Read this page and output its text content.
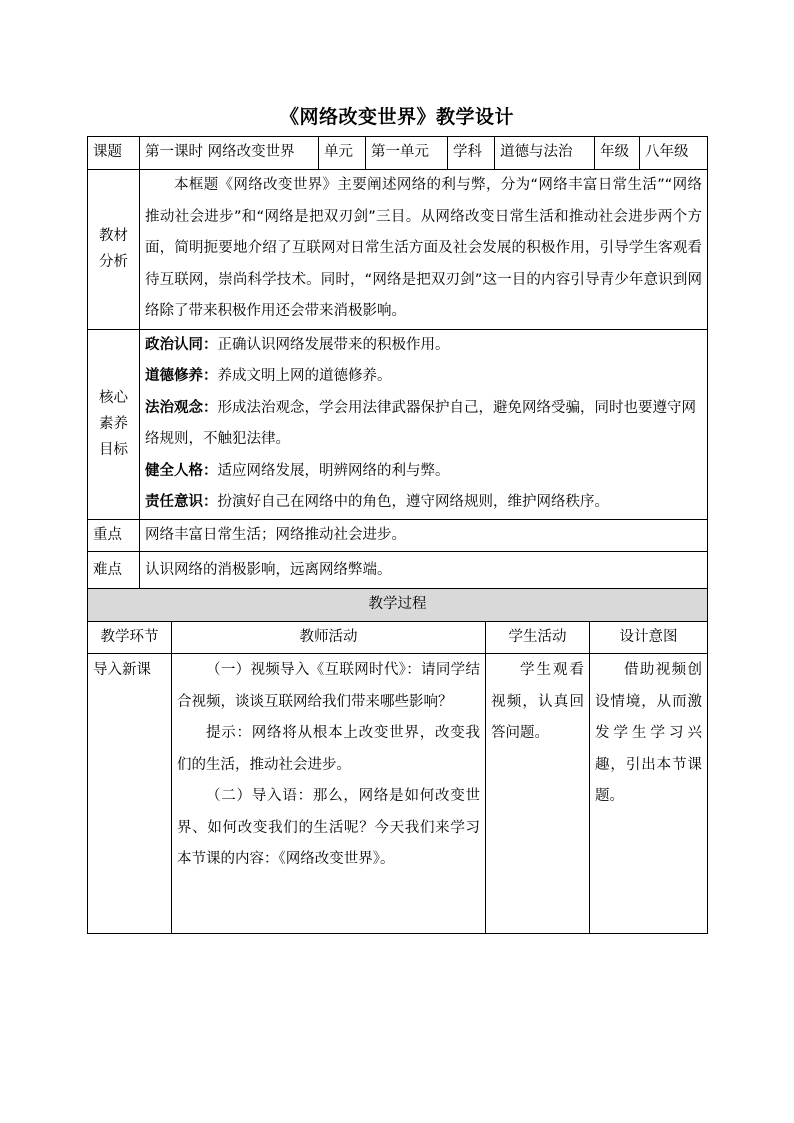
《网络改变世界》教学设计
课题	第一课时 网络改变世界	单元	第一单元	学科	道德与法治	年级	八年级
教材分析	本框题《网络改变世界》主要阐述网络的利与弊，分为“网络丰富日常生活”“网络推动社会进步”和“网络是把双刃剑”三目。从网络改变日常生活和推动社会进步两个方面，简明扼要地介绍了互联网对日常生活方面及社会发展的积极作用，引导学生客观看待互联网，崇尚科学技术。同时，“网络是把双刃剑”这一目的内容引导青少年意识到网络除了带来积极作用还会带来消极影响。						
核心素养目标	政治认同：正确认识网络发展带来的积极作用。
道德修养：养成文明上网的道德修养。
法治观念：形成法治观念，学会用法律武器保护自己，避免网络受骗，同时也要遵守网络规则，不触犯法律。
健全人格：适应网络发展，明辨网络的利与弊。
责任意识：扮演好自己在网络中的角色，遵守网络规则，维护网络秩序。						

重点	网络丰富日常生活；网络推动社会进步。						
难点	认识网络的消极影响，远离网络弊端。						
教学过程			
教学环节	教师活动	学生活动	设计意图
导入新课	（一）视频导入《互联网时代》：请同学结合视频，谈谈互联网给我们带来哪些影响？
提示：网络将从根本上改变世界，改变我们的生活，推动社会进步。
（二）导入语：那么，网络是如何改变世界、如何改变我们的生活呢？今天我们来学习本节课的内容：《网络改变世界》。	学生观看视频，认真回答问题。	借助视频创设情境，从而激发学生学习兴趣，引出本节课题。
